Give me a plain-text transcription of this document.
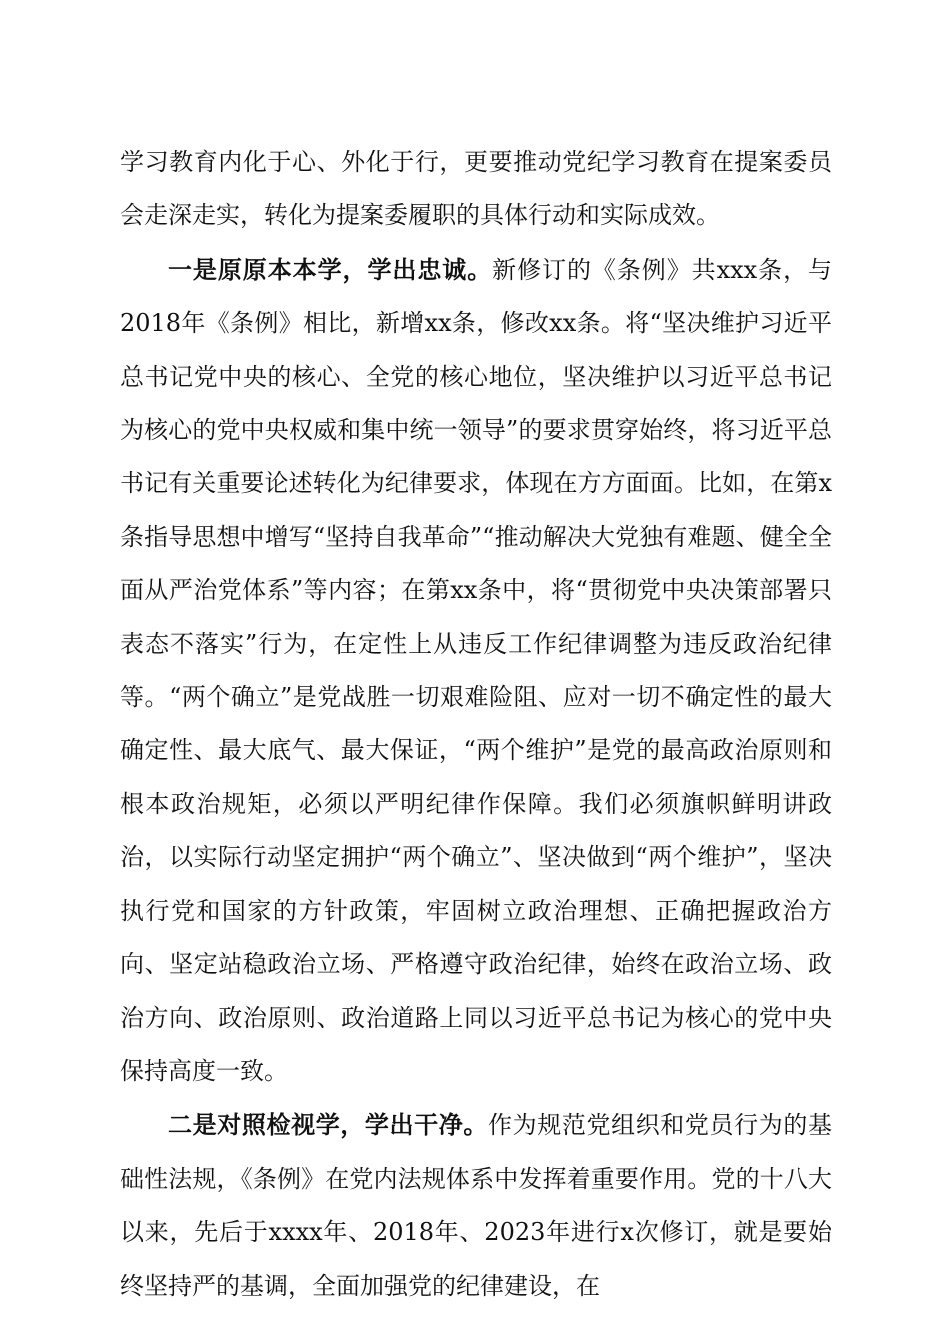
学习教育内化于心、外化于行，更要推动党纪学习教育在提案委员会走深走实，转化为提案委履职的具体行动和实际成效。

一是原原本本学，学出忠诚。新修订的《条例》共xxx条，与2018年《条例》相比，新增xx条，修改xx条。将“坚决维护习近平总书记党中央的核心、全党的核心地位，坚决维护以习近平总书记为核心的党中央权威和集中统一领导”的要求贯穿始终，将习近平总书记有关重要论述转化为纪律要求，体现在方方面面。比如，在第x条指导思想中增写“坚持自我革命”“推动解决大党独有难题、健全全面从严治党体系”等内容；在第xx条中，将“贯彻党中央决策部署只表态不落实”行为，在定性上从违反工作纪律调整为违反政治纪律等。“两个确立”是党战胜一切艰难险阻、应对一切不确定性的最大确定性、最大底气、最大保证，“两个维护”是党的最高政治原则和根本政治规矩，必须以严明纪律作保障。我们必须旗帜鲜明讲政治，以实际行动坚定拥护“两个确立”、坚决做到“两个维护”，坚决执行党和国家的方针政策，牢固树立政治理想、正确把握政治方向、坚定站稳政治立场、严格遵守政治纪律，始终在政治立场、政治方向、政治原则、政治道路上同以习近平总书记为核心的党中央保持高度一致。

二是对照检视学，学出干净。作为规范党组织和党员行为的基础性法规，《条例》在党内法规体系中发挥着重要作用。党的十八大以来，先后于xxxx年、2018年、2023年进行x次修订，就是要始终坚持严的基调，全面加强党的纪律建设，在
